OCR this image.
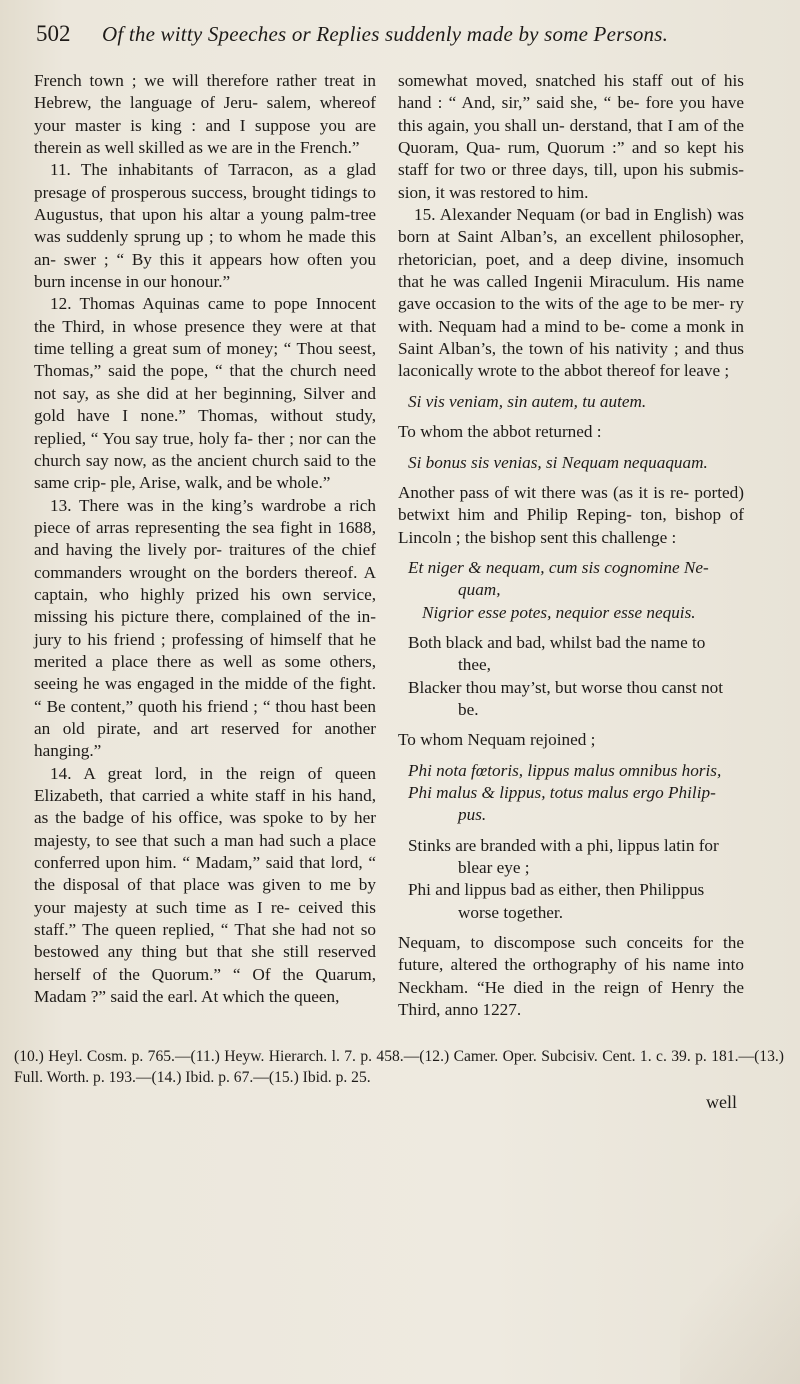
502 Of the witty Speeches or Replies suddenly made by some Persons.

French town ; we will therefore rather treat in Hebrew, the language of Jeru- salem, whereof your master is king : and I suppose you are therein as well skilled as we are in the French.”

11. The inhabitants of Tarracon, as a glad presage of prosperous success, brought tidings to Augustus, that upon his altar a young palm-tree was suddenly sprung up ; to whom he made this an- swer ; “ By this it appears how often you burn incense in our honour.”

12. Thomas Aquinas came to pope Innocent the Third, in whose presence they were at that time telling a great sum of money; “ Thou seest, Thomas,” said the pope, “ that the church need not say, as she did at her beginning, Silver and gold have I none.” Thomas, without study, replied, “ You say true, holy fa- ther ; nor can the church say now, as the ancient church said to the same crip- ple, Arise, walk, and be whole.”

13. There was in the king’s wardrobe a rich piece of arras representing the sea fight in 1688, and having the lively por- traitures of the chief commanders wrought on the borders thereof. A captain, who highly prized his own service, missing his picture there, complained of the in- jury to his friend ; professing of himself that he merited a place there as well as some others, seeing he was engaged in the midde of the fight. “ Be content,” quoth his friend ; “ thou hast been an old pirate, and art reserved for another hanging.”

14. A great lord, in the reign of queen Elizabeth, that carried a white staff in his hand, as the badge of his office, was spoke to by her majesty, to see that such a man had such a place conferred upon him. “ Madam,” said that lord, “ the disposal of that place was given to me by your majesty at such time as I re- ceived this staff.” The queen replied, “ That she had not so bestowed any thing but that she still reserved herself of the Quorum.” “ Of the Quarum, Madam ?” said the earl. At which the queen,

somewhat moved, snatched his staff out of his hand : “ And, sir,” said she, “ be- fore you have this again, you shall un- derstand, that I am of the Quoram, Qua- rum, Quorum :” and so kept his staff for two or three days, till, upon his submis- sion, it was restored to him.

15. Alexander Nequam (or bad in English) was born at Saint Alban’s, an excellent philosopher, rhetorician, poet, and a deep divine, insomuch that he was called Ingenii Miraculum. His name gave occasion to the wits of the age to be mer- ry with. Nequam had a mind to be- come a monk in Saint Alban’s, the town of his nativity ; and thus laconically wrote to the abbot thereof for leave ;

Si vis veniam, sin autem, tu autem.

To whom the abbot returned :

Si bonus sis venias, si Nequam nequaquam.

Another pass of wit there was (as it is re- ported) betwixt him and Philip Reping- ton, bishop of Lincoln ; the bishop sent this challenge :

Et niger & nequam, cum sis cognomine Ne-

quam,

Nigrior esse potes, nequior esse nequis.

Both black and bad, whilst bad the name to

thee,

Blacker thou may’st, but worse thou canst not

be.

To whom Nequam rejoined ;

Phi nota fœtoris, lippus malus omnibus horis,

Phi malus & lippus, totus malus ergo Philip-

pus.

Stinks are branded with a phi, lippus latin for

blear eye ;

Phi and lippus bad as either, then Philippus

worse together.

Nequam, to discompose such conceits for the future, altered the orthography of his name into Neckham. “He died in the reign of Henry the Third, anno 1227.

(10.) Heyl. Cosm. p. 765.—(11.) Heyw. Hierarch. l. 7. p. 458.—(12.) Camer. Oper. Subcisiv. Cent. 1. c. 39. p. 181.—(13.) Full. Worth. p. 193.—(14.) Ibid. p. 67.—(15.) Ibid. p. 25.
well
